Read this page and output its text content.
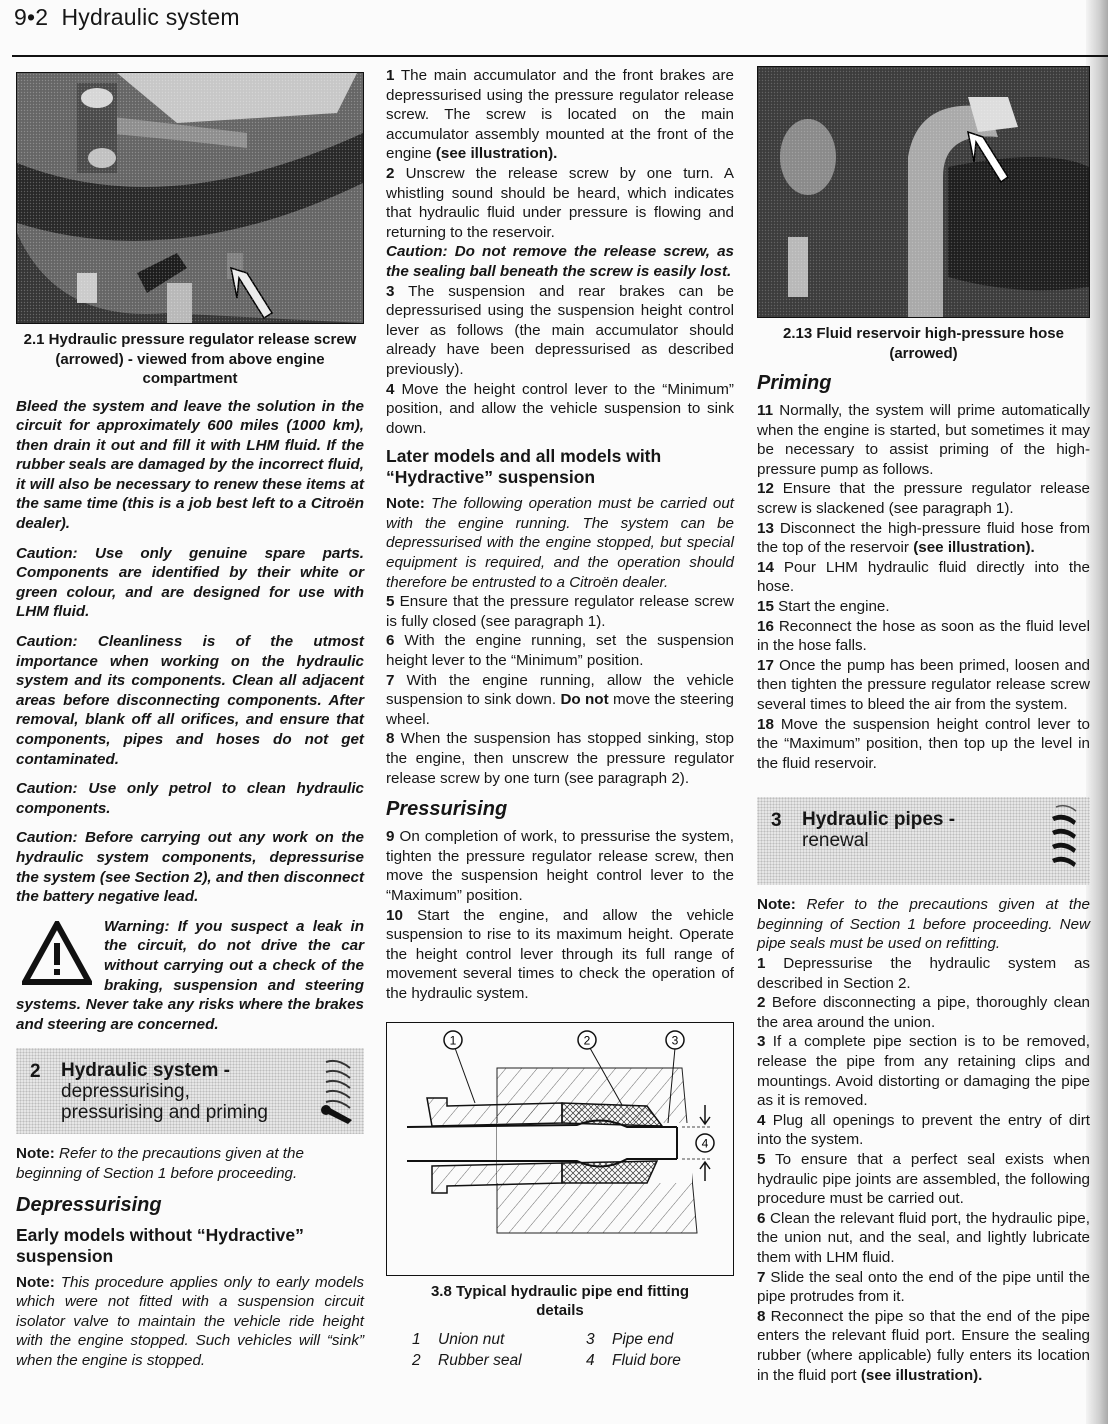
9•2 Hydraulic system
2.1 Hydraulic pressure regulator release screw (arrowed) - viewed from above engine compartment

Bleed the system and leave the solution in the circuit for approximately 600 miles (1000 km), then drain it out and fill it with LHM fluid. If the rubber seals are damaged by the incorrect fluid, it will also be necessary to renew these items at the same time (this is a job best left to a Citroën dealer).

Caution: Use only genuine spare parts. Components are identified by their white or green colour, and are designed for use with LHM fluid.

Caution: Cleanliness is of the utmost importance when working on the hydraulic system and its components. Clean all adjacent areas before disconnecting components. After removal, blank off all orifices, and ensure that components, pipes and hoses do not get contaminated.

Caution: Use only petrol to clean hydraulic components.

Caution: Before carrying out any work on the hydraulic system components, depressurise the system (see Section 2), and then disconnect the battery negative lead.

Warning: If you suspect a leak in the circuit, do not drive the car without carrying out a check of the braking, suspension and steering systems. Never take any risks where the brakes and steering are concerned.

2 Hydraulic system -
depressurising,
pressurising and priming

Note: Refer to the precautions given at the beginning of Section 1 before proceeding.

Depressurising
Early models without “Hydractive” suspension

Note: This procedure applies only to early models which were not fitted with a suspension circuit isolator valve to maintain the vehicle ride height with the engine stopped. Such vehicles will “sink” when the engine is stopped.

1 The main accumulator and the front brakes are depressurised using the pressure regulator release screw. The screw is located on the main accumulator assembly mounted at the front of the engine (see illustration).

2 Unscrew the release screw by one turn. A whistling sound should be heard, which indicates that hydraulic fluid under pressure is flowing and returning to the reservoir.

Caution: Do not remove the release screw, as the sealing ball beneath the screw is easily lost.

3 The suspension and rear brakes can be depressurised using the suspension height control lever as follows (the main accumulator should already have been depressurised as described previously).

4 Move the height control lever to the “Minimum” position, and allow the vehicle suspension to sink down.

Later models and all models with “Hydractive” suspension

Note: The following operation must be carried out with the engine running. The system can be depressurised with the engine stopped, but special equipment is required, and the operation should therefore be entrusted to a Citroën dealer.

5 Ensure that the pressure regulator release screw is fully closed (see paragraph 1).

6 With the engine running, set the suspension height lever to the “Minimum” position.

7 With the engine running, allow the vehicle suspension to sink down. Do not move the steering wheel.

8 When the suspension has stopped sinking, stop the engine, then unscrew the pressure regulator release screw by one turn (see paragraph 2).

Pressurising

9 On completion of work, to pressurise the system, tighten the pressure regulator release screw, then move the suspension height control lever to the “Maximum” position.

10 Start the engine, and allow the vehicle suspension to rise to its maximum height. Operate the height control lever through its full range of movement several times to check the operation of the hydraulic system.

1	2	3
4
3.8 Typical hydraulic pipe end fitting details
1	Union nut	3	Pipe end
2	Rubber seal	4	Fluid bore
2.13 Fluid reservoir high-pressure hose (arrowed)
Priming

11 Normally, the system will prime automatically when the engine is started, but sometimes it may be necessary to assist priming of the high-pressure pump as follows.

12 Ensure that the pressure regulator release screw is slackened (see paragraph 1).

13 Disconnect the high-pressure fluid hose from the top of the reservoir (see illustration).

14 Pour LHM hydraulic fluid directly into the hose.

15 Start the engine.

16 Reconnect the hose as soon as the fluid level in the hose falls.

17 Once the pump has been primed, loosen and then tighten the pressure regulator release screw several times to bleed the air from the system.

18 Move the suspension height control lever to the “Maximum” position, then top up the level in the fluid reservoir.

3 Hydraulic pipes -
renewal

Note: Refer to the precautions given at the beginning of Section 1 before proceeding. New pipe seals must be used on refitting.

1 Depressurise the hydraulic system as described in Section 2.

2 Before disconnecting a pipe, thoroughly clean the area around the union.

3 If a complete pipe section is to be removed, release the pipe from any retaining clips and mountings. Avoid distorting or damaging the pipe as it is removed.

4 Plug all openings to prevent the entry of dirt into the system.

5 To ensure that a perfect seal exists when hydraulic pipe joints are assembled, the following procedure must be carried out.

6 Clean the relevant fluid port, the hydraulic pipe, the union nut, and the seal, and lightly lubricate them with LHM fluid.

7 Slide the seal onto the end of the pipe until the pipe protrudes from it.

8 Reconnect the pipe so that the end of the pipe enters the relevant fluid port. Ensure the sealing rubber (where applicable) fully enters its location in the fluid port (see illustration).
